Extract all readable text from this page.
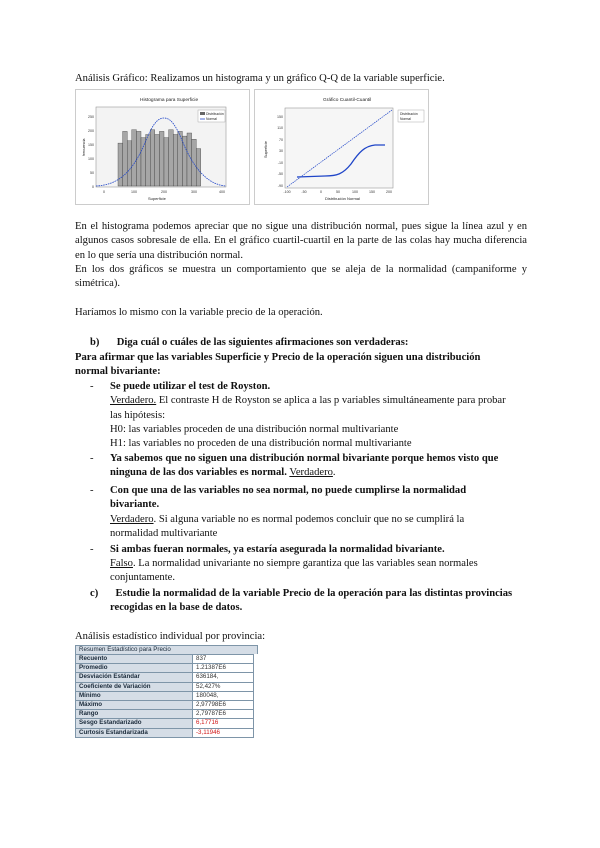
Análisis Gráfico: Realizamos un histograma y un gráfico Q-Q de la variable superficie.

Histograma para Superficie
Distribución
Normal
250
200
150
100
50
0
frecuencia
0	100	200	300	400
Superficie
Gráfico Cuantil-Cuantil
Distribución
Normal
150
110
70
30
-10
-50
-90
Superficie
-100	-50	0	50	100	150	200
Distribución Normal

En el histograma podemos apreciar que no sigue una distribución normal, pues sigue la línea azul y en algunos casos sobresale de ella. En el gráfico cuartil-cuartil en la parte de las colas hay mucha diferencia en lo que sería una distribución normal.

En los dos gráficos se muestra un comportamiento que se aleja de la normalidad (campaniforme y simétrica).

Haríamos lo mismo con la variable precio de la operación.

b) Diga cuál o cuáles de las siguientes afirmaciones son verdaderas:

Para afirmar que las variables Superficie y Precio de la operación siguen una distribución

normal bivariante:

- Se puede utilizar el test de Royston.

Verdadero. El contraste H de Royston se aplica a las p variables simultáneamente para probar

las hipótesis:

H0: las variables proceden de una distribución normal multivariante

H1: las variables no proceden de una distribución normal multivariante

- Ya sabemos que no siguen una distribución normal bivariante porque hemos visto que

ninguna de las dos variables es normal. Verdadero.

- Con que una de las variables no sea normal, no puede cumplirse la normalidad

bivariante.

Verdadero. Si alguna variable no es normal podemos concluir que no se cumplirá la

normalidad multivariante

- Si ambas fueran normales, ya estaría asegurada la normalidad bivariante.

Falso. La normalidad univariante no siempre garantiza que las variables sean normales

conjuntamente.

c) Estudie la normalidad de la variable Precio de la operación para las distintas provincias

recogidas en la base de datos.

Análisis estadístico individual por provincia:

Resumen Estadístico para Precio
Recuento	837
Promedio	1.21387E6
Desviación Estándar	636184,
Coeficiente de Variación	52,427%
Mínimo	180048,
Máximo	2,97798E6
Rango	2,79787E6
Sesgo Estandarizado	6,17716
Curtosis Estandarizada	-3,11946
